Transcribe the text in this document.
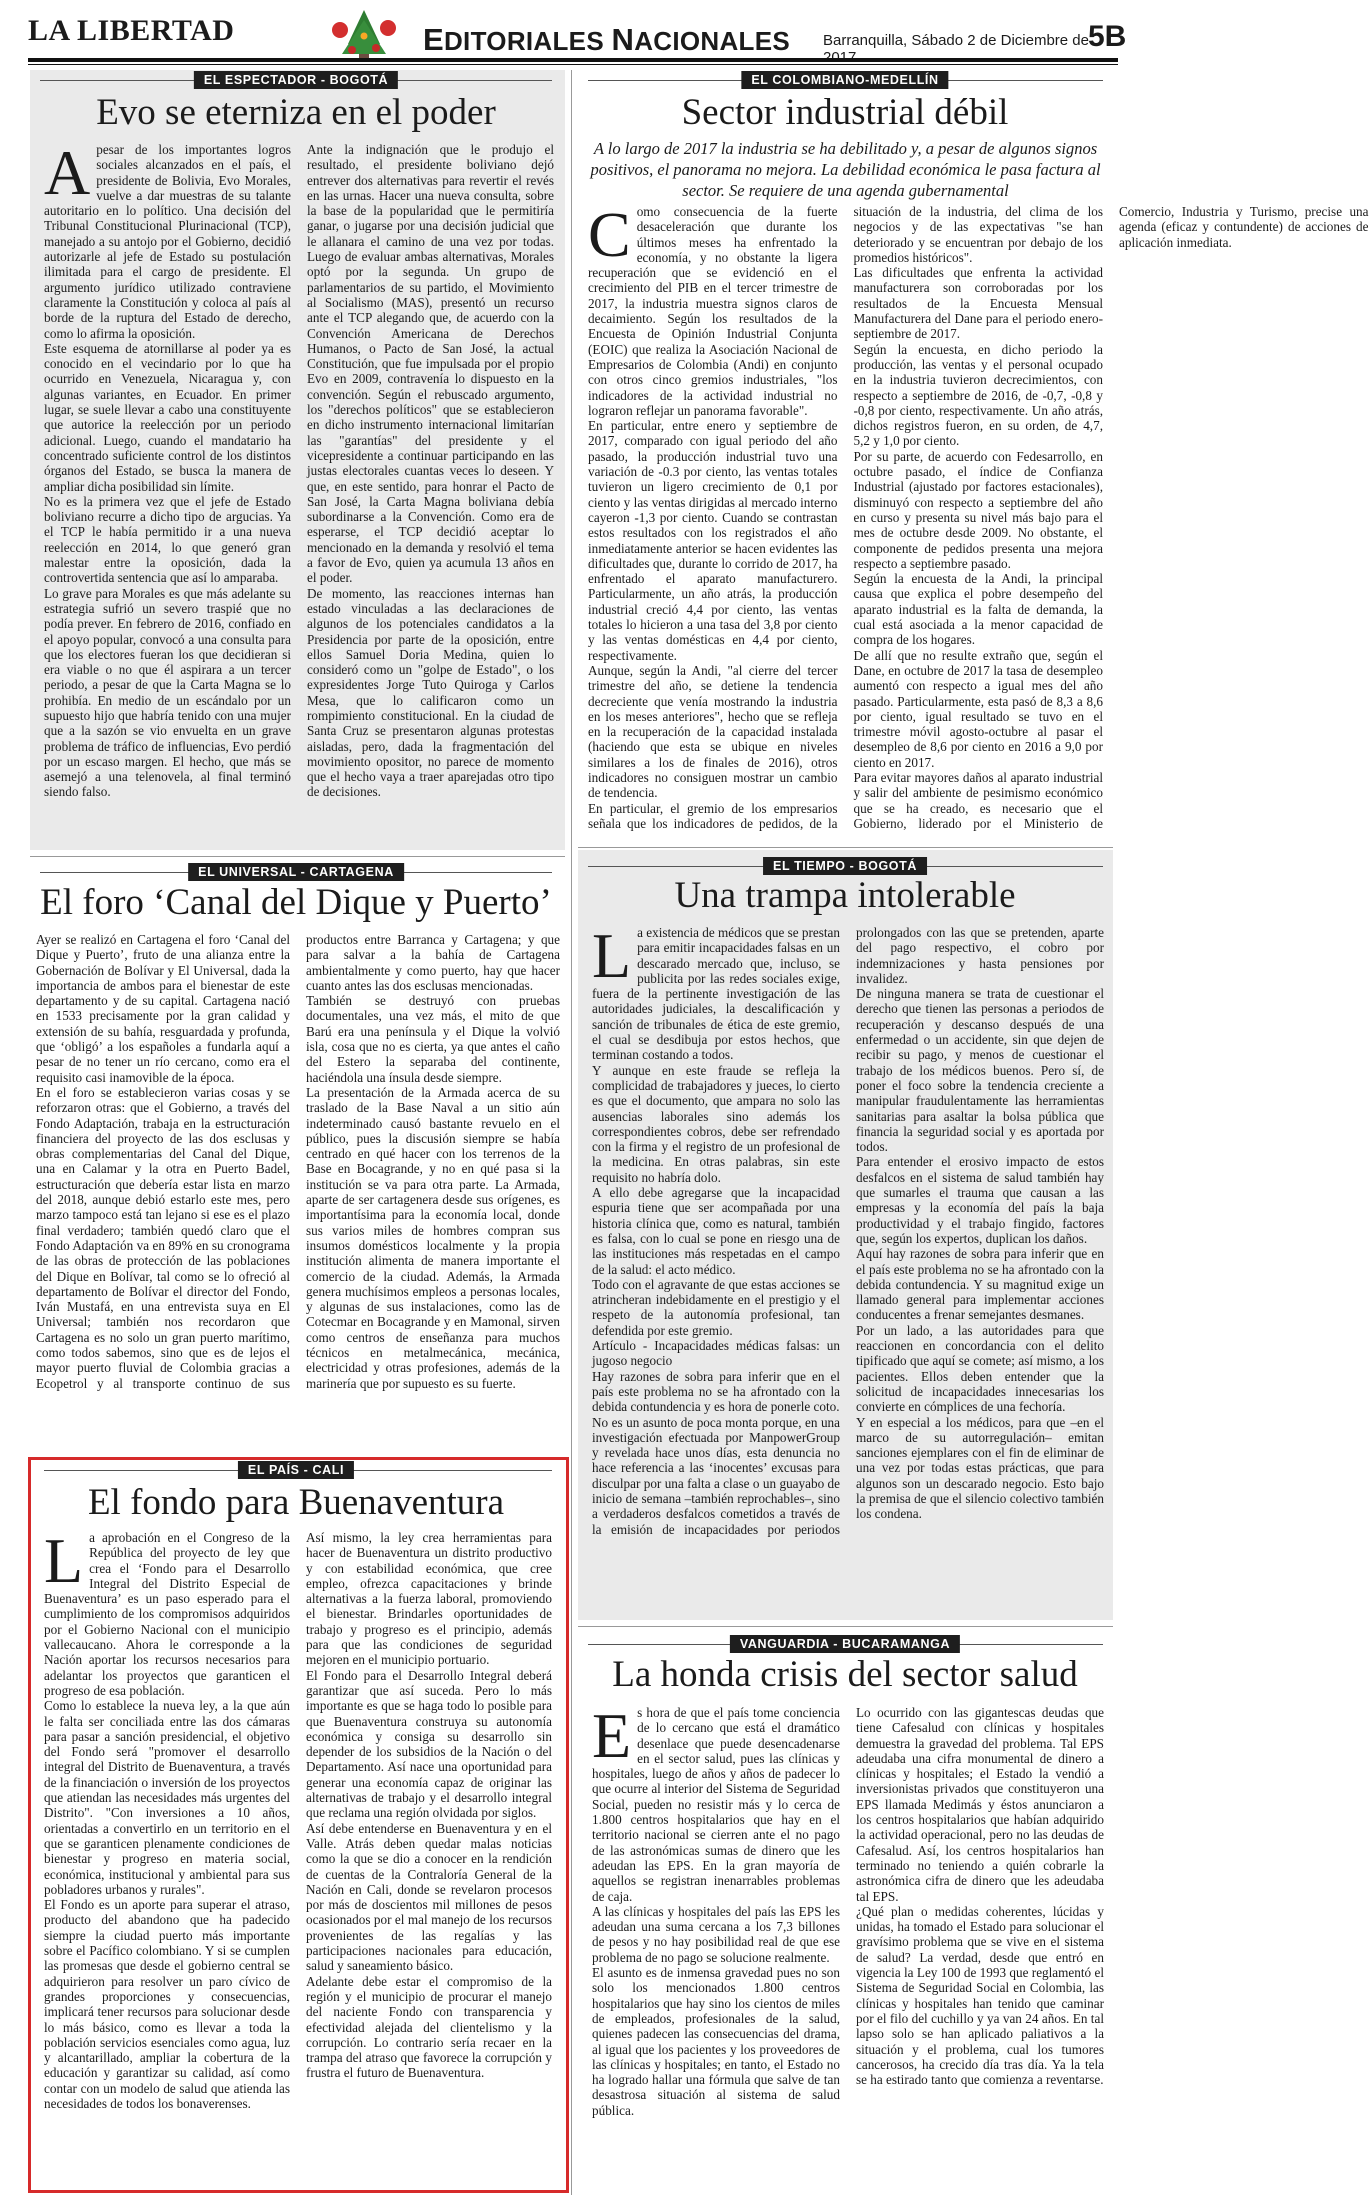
LA LIBERTAD	EDITORIALES NACIONALES Barranquilla, Sábado 2 de Diciembre de 2017
5B
EL ESPECTADOR - BOGOTÁ
Evo se eterniza en el poder

Apesar de los importantes logros sociales alcanzados en el país, el presidente de Bolivia, Evo Morales, vuelve a dar muestras de su talante autoritario en lo político. Una decisión del Tribunal Constitucional Plurinacional (TCP), manejado a su antojo por el Gobierno, decidió autorizarle al jefe de Estado su postulación ilimitada para el cargo de presidente. El argumento jurídico utilizado contraviene claramente la Constitución y coloca al país al borde de la ruptura del Estado de derecho, como lo afirma la oposición.

Este esquema de atornillarse al poder ya es conocido en el vecindario por lo que ha ocurrido en Venezuela, Nicaragua y, con algunas variantes, en Ecuador. En primer lugar, se suele llevar a cabo una constituyente que autorice la reelección por un periodo adicional. Luego, cuando el mandatario ha concentrado suficiente control de los distintos órganos del Estado, se busca la manera de ampliar dicha posibilidad sin límite.

No es la primera vez que el jefe de Estado boliviano recurre a dicho tipo de argucias. Ya el TCP le había permitido ir a una nueva reelección en 2014, lo que generó gran malestar entre la oposición, dada la controvertida sentencia que así lo amparaba.

Lo grave para Morales es que más adelante su estrategia sufrió un severo traspié que no podía prever. En febrero de 2016, confiado en el apoyo popular, convocó a una consulta para que los electores fueran los que decidieran si era viable o no que él aspirara a un tercer periodo, a pesar de que la Carta Magna se lo prohibía. En medio de un escándalo por un supuesto hijo que habría tenido con una mujer que a la sazón se vio envuelta en un grave problema de tráfico de influencias, Evo perdió por un escaso margen. El hecho, que más se asemejó a una telenovela, al final terminó siendo falso.

Ante la indignación que le produjo el resultado, el presidente boliviano dejó entrever dos alternativas para revertir el revés en las urnas. Hacer una nueva consulta, sobre la base de la popularidad que le permitiría ganar, o jugarse por una decisión judicial que le allanara el camino de una vez por todas. Luego de evaluar ambas alternativas, Morales optó por la segunda. Un grupo de parlamentarios de su partido, el Movimiento al Socialismo (MAS), presentó un recurso ante el TCP alegando que, de acuerdo con la Convención Americana de Derechos Humanos, o Pacto de San José, la actual Constitución, que fue impulsada por el propio Evo en 2009, contravenía lo dispuesto en la convención. Según el rebuscado argumento, los "derechos políticos" que se establecieron en dicho instrumento internacional limitarían las "garantías" del presidente y el vicepresidente a continuar participando en las justas electorales cuantas veces lo deseen. Y que, en este sentido, para honrar el Pacto de San José, la Carta Magna boliviana debía subordinarse a la Convención. Como era de esperarse, el TCP decidió aceptar lo mencionado en la demanda y resolvió el tema a favor de Evo, quien ya acumula 13 años en el poder.

De momento, las reacciones internas han estado vinculadas a las declaraciones de algunos de los potenciales candidatos a la Presidencia por parte de la oposición, entre ellos Samuel Doria Medina, quien lo consideró como un "golpe de Estado", o los expresidentes Jorge Tuto Quiroga y Carlos Mesa, que lo calificaron como un rompimiento constitucional. En la ciudad de Santa Cruz se presentaron algunas protestas aisladas, pero, dada la fragmentación del movimiento opositor, no parece de momento que el hecho vaya a traer aparejadas otro tipo de decisiones.

EL COLOMBIANO-MEDELLÍN
Sector industrial débil
A lo largo de 2017 la industria se ha debilitado y, a pesar de algunos signos positivos, el panorama no mejora. La debilidad económica le pasa factura al sector. Se requiere de una agenda gubernamental

Como consecuencia de la fuerte desaceleración que durante los últimos meses ha enfrentado la economía, y no obstante la ligera recuperación que se evidenció en el crecimiento del PIB en el tercer trimestre de 2017, la industria muestra signos claros de decaimiento. Según los resultados de la Encuesta de Opinión Industrial Conjunta (EOIC) que realiza la Asociación Nacional de Empresarios de Colombia (Andi) en conjunto con otros cinco gremios industriales, "los indicadores de la actividad industrial no lograron reflejar un panorama favorable".

En particular, entre enero y septiembre de 2017, comparado con igual periodo del año pasado, la producción industrial tuvo una variación de -0.3 por ciento, las ventas totales tuvieron un ligero crecimiento de 0,1 por ciento y las ventas dirigidas al mercado interno cayeron -1,3 por ciento. Cuando se contrastan estos resultados con los registrados el año inmediatamente anterior se hacen evidentes las dificultades que, durante lo corrido de 2017, ha enfrentado el aparato manufacturero. Particularmente, un año atrás, la producción industrial creció 4,4 por ciento, las ventas totales lo hicieron a una tasa del 3,8 por ciento y las ventas domésticas en 4,4 por ciento, respectivamente.

Aunque, según la Andi, "al cierre del tercer trimestre del año, se detiene la tendencia decreciente que venía mostrando la industria en los meses anteriores", hecho que se refleja en la recuperación de la capacidad instalada (haciendo que esta se ubique en niveles similares a los de finales de 2016), otros indicadores no consiguen mostrar un cambio de tendencia.

En particular, el gremio de los empresarios señala que los indicadores de pedidos, de la situación de la industria, del clima de los negocios y de las expectativas "se han deteriorado y se encuentran por debajo de los promedios históricos".

Las dificultades que enfrenta la actividad manufacturera son corroboradas por los resultados de la Encuesta Mensual Manufacturera del Dane para el periodo enero-septiembre de 2017.

Según la encuesta, en dicho periodo la producción, las ventas y el personal ocupado en la industria tuvieron decrecimientos, con respecto a septiembre de 2016, de -0,7, -0,8 y -0,8 por ciento, respectivamente. Un año atrás, dichos registros fueron, en su orden, de 4,7, 5,2 y 1,0 por ciento.

Por su parte, de acuerdo con Fedesarrollo, en octubre pasado, el índice de Confianza Industrial (ajustado por factores estacionales), disminuyó con respecto a septiembre del año en curso y presenta su nivel más bajo para el mes de octubre desde 2009. No obstante, el componente de pedidos presenta una mejora respecto a septiembre pasado.

Según la encuesta de la Andi, la principal causa que explica el pobre desempeño del aparato industrial es la falta de demanda, la cual está asociada a la menor capacidad de compra de los hogares.

De allí que no resulte extraño que, según el Dane, en octubre de 2017 la tasa de desempleo aumentó con respecto a igual mes del año pasado. Particularmente, esta pasó de 8,3 a 8,6 por ciento, igual resultado se tuvo en el trimestre móvil agosto-octubre al pasar el desempleo de 8,6 por ciento en 2016 a 9,0 por ciento en 2017.

Para evitar mayores daños al aparato industrial y salir del ambiente de pesimismo económico que se ha creado, es necesario que el Gobierno, liderado por el Ministerio de Comercio, Industria y Turismo, precise una agenda (eficaz y contundente) de acciones de aplicación inmediata.

EL UNIVERSAL - CARTAGENA
El foro ‘Canal del Dique y Puerto’

Ayer se realizó en Cartagena el foro ‘Canal del Dique y Puerto’, fruto de una alianza entre la Gobernación de Bolívar y El Universal, dada la importancia de ambos para el bienestar de este departamento y de su capital. Cartagena nació en 1533 precisamente por la gran calidad y extensión de su bahía, resguardada y profunda, que ‘obligó’ a los españoles a fundarla aquí a pesar de no tener un río cercano, como era el requisito casi inamovible de la época.

En el foro se establecieron varias cosas y se reforzaron otras: que el Gobierno, a través del Fondo Adaptación, trabaja en la estructuración financiera del proyecto de las dos esclusas y obras complementarias del Canal del Dique, una en Calamar y la otra en Puerto Badel, estructuración que debería estar lista en marzo del 2018, aunque debió estarlo este mes, pero marzo tampoco está tan lejano si ese es el plazo final verdadero; también quedó claro que el Fondo Adaptación va en 89% en su cronograma de las obras de protección de las poblaciones del Dique en Bolívar, tal como se lo ofreció al departamento de Bolívar el director del Fondo, Iván Mustafá, en una entrevista suya en El Universal; también nos recordaron que Cartagena es no solo un gran puerto marítimo, como todos sabemos, sino que es de lejos el mayor puerto fluvial de Colombia gracias a Ecopetrol y al transporte continuo de sus productos entre Barranca y Cartagena; y que para salvar a la bahía de Cartagena ambientalmente y como puerto, hay que hacer cuanto antes las dos esclusas mencionadas.

También se destruyó con pruebas documentales, una vez más, el mito de que Barú era una península y el Dique la volvió isla, cosa que no es cierta, ya que antes el caño del Estero la separaba del continente, haciéndola una ínsula desde siempre.

La presentación de la Armada acerca de su traslado de la Base Naval a un sitio aún indeterminado causó bastante revuelo en el público, pues la discusión siempre se había centrado en qué hacer con los terrenos de la Base en Bocagrande, y no en qué pasa si la institución se va para otra parte. La Armada, aparte de ser cartagenera desde sus orígenes, es importantísima para la economía local, donde sus varios miles de hombres compran sus insumos domésticos localmente y la propia institución alimenta de manera importante el comercio de la ciudad. Además, la Armada genera muchísimos empleos a personas locales, y algunas de sus instalaciones, como las de Cotecmar en Bocagrande y en Mamonal, sirven como centros de enseñanza para muchos técnicos en metalmecánica, mecánica, electricidad y otras profesiones, además de la marinería que por supuesto es su fuerte.

EL TIEMPO - BOGOTÁ
Una trampa intolerable

La existencia de médicos que se prestan para emitir incapacidades falsas en un descarado mercado que, incluso, se publicita por las redes sociales exige, fuera de la pertinente investigación de las autoridades judiciales, la descalificación y sanción de tribunales de ética de este gremio, el cual se desdibuja por estos hechos, que terminan costando a todos.

Y aunque en este fraude se refleja la complicidad de trabajadores y jueces, lo cierto es que el documento, que ampara no solo las ausencias laborales sino además los correspondientes cobros, debe ser refrendado con la firma y el registro de un profesional de la medicina. En otras palabras, sin este requisito no habría dolo.

A ello debe agregarse que la incapacidad espuria tiene que ser acompañada por una historia clínica que, como es natural, también es falsa, con lo cual se pone en riesgo una de las instituciones más respetadas en el campo de la salud: el acto médico.

Todo con el agravante de que estas acciones se atrincheran indebidamente en el prestigio y el respeto de la autonomía profesional, tan defendida por este gremio.

Artículo - Incapacidades médicas falsas: un jugoso negocio

Hay razones de sobra para inferir que en el país este problema no se ha afrontado con la debida contundencia y es hora de ponerle coto.

No es un asunto de poca monta porque, en una investigación efectuada por ManpowerGroup y revelada hace unos días, esta denuncia no hace referencia a las ‘inocentes’ excusas para disculpar por una falta a clase o un guayabo de inicio de semana –también reprochables–, sino a verdaderos desfalcos cometidos a través de la emisión de incapacidades por periodos prolongados con las que se pretenden, aparte del pago respectivo, el cobro por indemnizaciones y hasta pensiones por invalidez.

De ninguna manera se trata de cuestionar el derecho que tienen las personas a periodos de recuperación y descanso después de una enfermedad o un accidente, sin que dejen de recibir su pago, y menos de cuestionar el trabajo de los médicos buenos. Pero sí, de poner el foco sobre la tendencia creciente a manipular fraudulentamente las herramientas sanitarias para asaltar la bolsa pública que financia la seguridad social y es aportada por todos.

Para entender el erosivo impacto de estos desfalcos en el sistema de salud también hay que sumarles el trauma que causan a las empresas y la economía del país la baja productividad y el trabajo fingido, factores que, según los expertos, duplican los daños.

Aquí hay razones de sobra para inferir que en el país este problema no se ha afrontado con la debida contundencia. Y su magnitud exige un llamado general para implementar acciones conducentes a frenar semejantes desmanes.

Por un lado, a las autoridades para que reaccionen en concordancia con el delito tipificado que aquí se comete; así mismo, a los pacientes. Ellos deben entender que la solicitud de incapacidades innecesarias los convierte en cómplices de una fechoría.

Y en especial a los médicos, para que –en el marco de su autorregulación– emitan sanciones ejemplares con el fin de eliminar de una vez por todas estas prácticas, que para algunos son un descarado negocio. Esto bajo la premisa de que el silencio colectivo también los condena.

EL PAÍS - CALI
El fondo para Buenaventura

La aprobación en el Congreso de la República del proyecto de ley que crea el ‘Fondo para el Desarrollo Integral del Distrito Especial de Buenaventura’ es un paso esperado para el cumplimiento de los compromisos adquiridos por el Gobierno Nacional con el municipio vallecaucano. Ahora le corresponde a la Nación aportar los recursos necesarios para adelantar los proyectos que garanticen el progreso de esa población.

Como lo establece la nueva ley, a la que aún le falta ser conciliada entre las dos cámaras para pasar a sanción presidencial, el objetivo del Fondo será "promover el desarrollo integral del Distrito de Buenaventura, a través de la financiación o inversión de los proyectos que atiendan las necesidades más urgentes del Distrito". "Con inversiones a 10 años, orientadas a convertirlo en un territorio en el que se garanticen plenamente condiciones de bienestar y progreso en materia social, económica, institucional y ambiental para sus pobladores urbanos y rurales".

El Fondo es un aporte para superar el atraso, producto del abandono que ha padecido siempre la ciudad puerto más importante sobre el Pacífico colombiano. Y si se cumplen las promesas que desde el gobierno central se adquirieron para resolver un paro cívico de grandes proporciones y consecuencias, implicará tener recursos para solucionar desde lo más básico, como es llevar a toda la población servicios esenciales como agua, luz y alcantarillado, ampliar la cobertura de la educación y garantizar su calidad, así como contar con un modelo de salud que atienda las necesidades de todos los bonaverenses.

Así mismo, la ley crea herramientas para hacer de Buenaventura un distrito productivo y con estabilidad económica, que cree empleo, ofrezca capacitaciones y brinde alternativas a la fuerza laboral, promoviendo el bienestar. Brindarles oportunidades de trabajo y progreso es el principio, además para que las condiciones de seguridad mejoren en el municipio portuario.

El Fondo para el Desarrollo Integral deberá garantizar que así suceda. Pero lo más importante es que se haga todo lo posible para que Buenaventura construya su autonomía económica y consiga su desarrollo sin depender de los subsidios de la Nación o del Departamento. Así nace una oportunidad para generar una economía capaz de originar las alternativas de trabajo y el desarrollo integral que reclama una región olvidada por siglos.

Así debe entenderse en Buenaventura y en el Valle. Atrás deben quedar malas noticias como la que se dio a conocer en la rendición de cuentas de la Contraloría General de la Nación en Cali, donde se revelaron procesos por más de doscientos mil millones de pesos ocasionados por el mal manejo de los recursos provenientes de las regalías y las participaciones nacionales para educación, salud y saneamiento básico.

Adelante debe estar el compromiso de la región y el municipio de procurar el manejo del naciente Fondo con transparencia y efectividad alejada del clientelismo y la corrupción. Lo contrario sería recaer en la trampa del atraso que favorece la corrupción y frustra el futuro de Buenaventura.

VANGUARDIA - BUCARAMANGA
La honda crisis del sector salud

Es hora de que el país tome conciencia de lo cercano que está el dramático desenlace que puede desencadenarse en el sector salud, pues las clínicas y hospitales, luego de años y años de padecer lo que ocurre al interior del Sistema de Seguridad Social, pueden no resistir más y lo cerca de 1.800 centros hospitalarios que hay en el territorio nacional se cierren ante el no pago de las astronómicas sumas de dinero que les adeudan las EPS. En la gran mayoría de aquellos se registran inenarrables problemas de caja.

A las clínicas y hospitales del país las EPS les adeudan una suma cercana a los 7,3 billones de pesos y no hay posibilidad real de que ese problema de no pago se solucione realmente.

El asunto es de inmensa gravedad pues no son solo los mencionados 1.800 centros hospitalarios que hay sino los cientos de miles de empleados, profesionales de la salud, quienes padecen las consecuencias del drama, al igual que los pacientes y los proveedores de las clínicas y hospitales; en tanto, el Estado no ha logrado hallar una fórmula que salve de tan desastrosa situación al sistema de salud pública.

Lo ocurrido con las gigantescas deudas que tiene Cafesalud con clínicas y hospitales demuestra la gravedad del problema. Tal EPS adeudaba una cifra monumental de dinero a clínicas y hospitales; el Estado la vendió a inversionistas privados que constituyeron una EPS llamada Medimás y éstos anunciaron a los centros hospitalarios que habían adquirido la actividad operacional, pero no las deudas de Cafesalud. Así, los centros hospitalarios han terminado no teniendo a quién cobrarle la astronómica cifra de dinero que les adeudaba tal EPS.

¿Qué plan o medidas coherentes, lúcidas y unidas, ha tomado el Estado para solucionar el gravísimo problema que se vive en el sistema de salud? La verdad, desde que entró en vigencia la Ley 100 de 1993 que reglamentó el Sistema de Seguridad Social en Colombia, las clínicas y hospitales han tenido que caminar por el filo del cuchillo y ya van 24 años. En tal lapso solo se han aplicado paliativos a la situación y el problema, cual los tumores cancerosos, ha crecido día tras día. Ya la tela se ha estirado tanto que comienza a reventarse.
